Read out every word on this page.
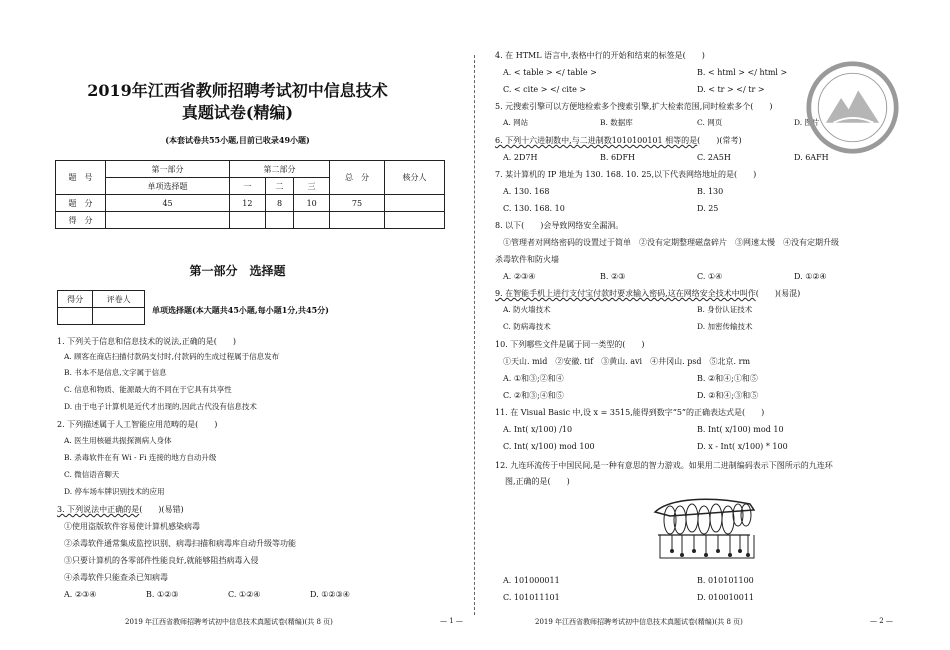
2019年江西省教师招聘考试初中信息技术
真题试卷(精编)
(本套试卷共55小题,目前已收录49小题)
题　号	第一部分	第二部分			总　分	核分人
	单项选择题	一	二	三		
题　分	45	12	8	10	75	
得　分						
第一部分　选择题
得分	评卷人

单项选择题(本大题共45小题,每小题1分,共45分)
1. 下列关于信息和信息技术的说法,正确的是(　　)
A. 顾客在商店扫描付款码支付时,付款码的生成过程属于信息发布
B. 书本不是信息,文字属于信息
C. 信息和物质、能源最大的不同在于它具有共享性
D. 由于电子计算机是近代才出现的,因此古代没有信息技术
2. 下列描述属于人工智能应用范畴的是(　　)
A. 医生用核磁共振探测病人身体
B. 杀毒软件在有 Wi - Fi 连接的地方自动升级
C. 微信语音聊天
D. 停车场车牌识别技术的应用
3. 下列说法中正确的是(　　)(易错)
①使用盗版软件容易使计算机感染病毒
②杀毒软件通常集成监控识别、病毒扫描和病毒库自动升级等功能
③只要计算机的各零部件性能良好,就能够阻挡病毒入侵
④杀毒软件只能查杀已知病毒
A. ②③④	B. ①②③	C. ①②④	D. ①②③④
2019 年江西省教师招聘考试初中信息技术真题试卷(精编)(共 8 页)	— 1 —
4. 在 HTML 语言中,表格中行的开始和结束的标签是(　　)
A. < table > </ table >	B. < html > </ html >
C. < cite > </ cite >	D. < tr > </ tr >
5. 元搜索引擎可以方便地检索多个搜索引擎,扩大检索范围,同时检索多个(　　)
A. 网站	B. 数据库	C. 网页	D. 图片
6. 下列十六进制数中,与二进制数1010100101 相等的是(　　)(常考)
A. 2D7H	B. 6DFH	C. 2A5H	D. 6AFH
7. 某计算机的 IP 地址为 130. 168. 10. 25,以下代表网络地址的是(　　)
A. 130. 168	B. 130
C. 130. 168. 10	D. 25
8. 以下(　　)会导致网络安全漏洞。
①管理者对网络密码的设置过于简单　②没有定期整理磁盘碎片　③网速太慢　④没有定期升级
杀毒软件和防火墙
A. ②③④	B. ②③	C. ①④	D. ①②④
9. 在智能手机上进行支付宝付款时要求输入密码,这在网络安全技术中叫作(　　)(易混)
A. 防火墙技术	B. 身份认证技术
C. 防病毒技术	D. 加密传输技术
10. 下列哪些文件是属于同一类型的(　　)
①天山. mid　②安徽. tif　③黄山. avi　④井冈山. psd　⑤北京. rm
A. ①和③;②和④	B. ②和④;①和⑤
C. ②和③;④和⑤	D. ②和④;③和⑤
11. 在 Visual Basic 中,设 x = 3515,能得到数字“5”的正确表达式是(　　)
A. Int( x/100) /10	B. Int( x/100) mod 10
C. Int( x/100) mod 100	D. x - Int( x/100) * 100
12. 九连环流传于中国民间,是一种有意思的智力游戏。如果用二进制编码表示下图所示的九连环
图,正确的是(　　)
A. 101000011	B. 010101100
C. 101011101	D. 010010011
2019 年江西省教师招聘考试初中信息技术真题试卷(精编)(共 8 页)	— 2 —
